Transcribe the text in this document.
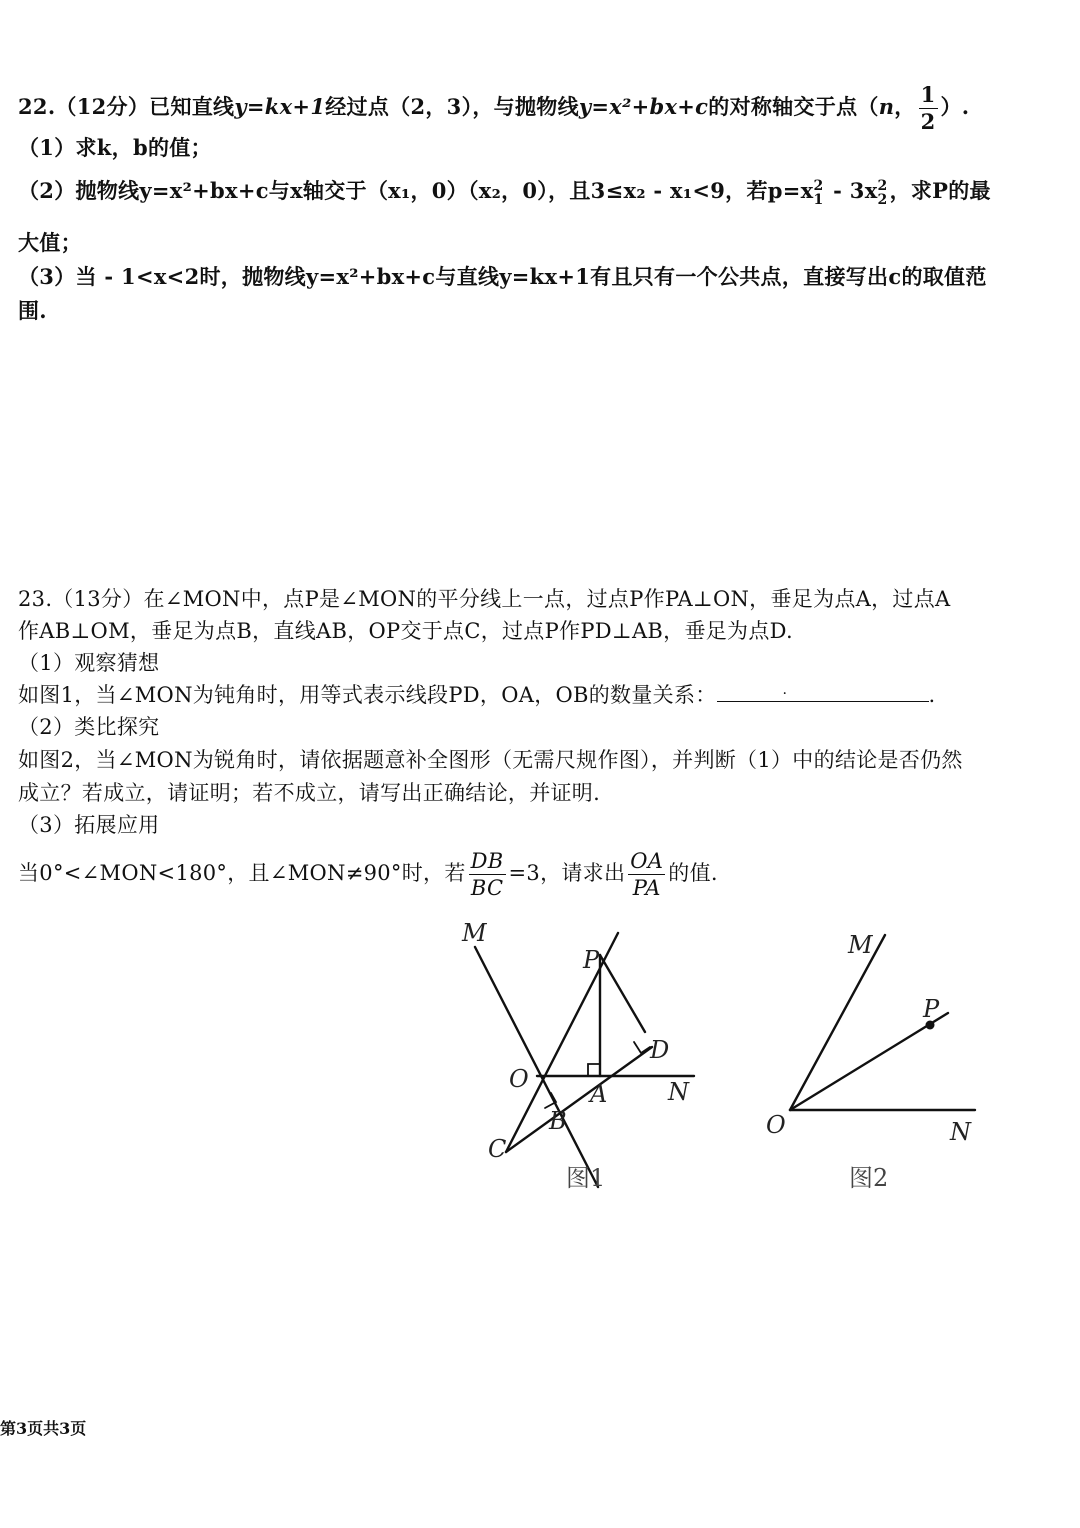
22.（12分）已知直线y=kx+1经过点（2，3），与抛物线y=x²+bx+c的对称轴交于点（n， $\frac{1}{2}$ ）.
（1）求k，b的值；
（2）抛物线y=x²+bx+c与x轴交于（x₁，0）（x₂，0），且3≤x₂ - x₁<9，若p=x 2
1 - 3x 2
2 ，求P的最
大值；
（3）当 - 1<x<2时，抛物线y=x²+bx+c与直线y=kx+1有且只有一个公共点，直接写出c的取值范
围.
23.（13分）在∠MON中，点P是∠MON的平分线上一点，过点P作PA⊥ON，垂足为点A，过点A
作AB⊥OM，垂足为点B，直线AB，OP交于点C，过点P作PD⊥AB，垂足为点D.
（1）观察猜想
如图1，当∠MON为钝角时，用等式表示线段PD，OA，OB的数量关系：	.	.
（2）类比探究
如图2，当∠MON为锐角时，请依据题意补全图形（无需尺规作图），并判断（1）中的结论是否仍然
成立？若成立，请证明；若不成立，请写出正确结论，并证明.
（3）拓展应用
当0°<∠MON<180°，且∠MON≠90°时，若 $\frac{DB}{BC} =3$，请求出 $\frac{OA}{PA}$ 的值.
M
P
D
O
A	N
B
C
图1
M
P
O	N
图2
第3页共3页
